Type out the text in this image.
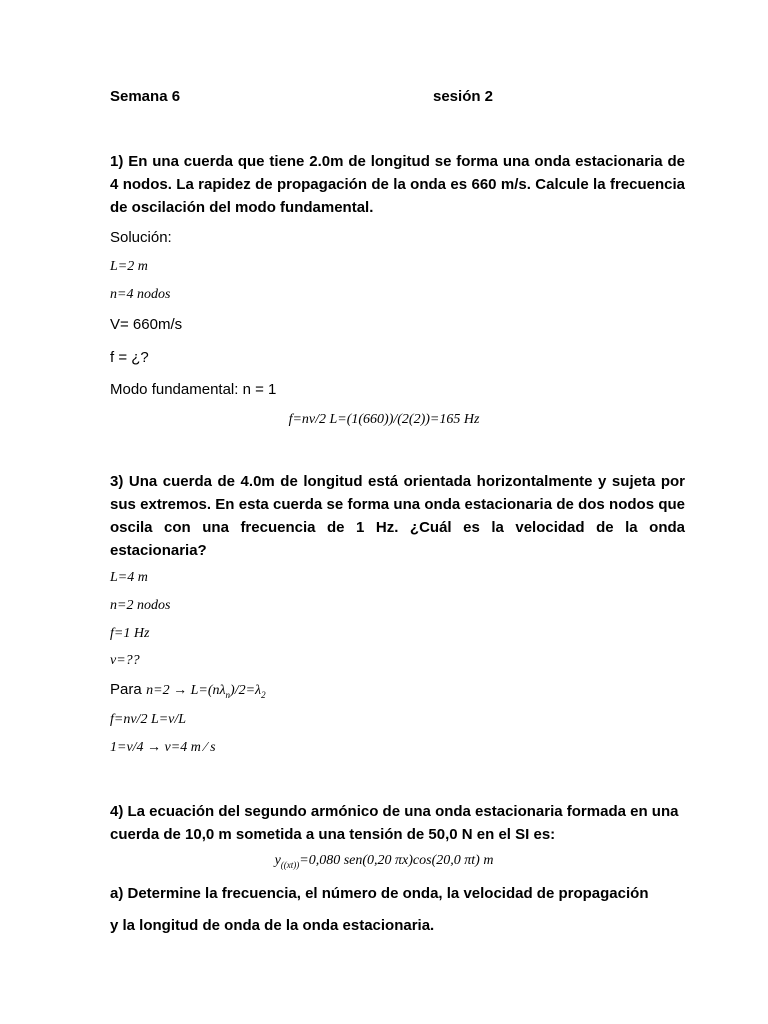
Semana 6	sesión 2
1) En una cuerda que tiene 2.0m de longitud se forma una onda estacionaria de 4 nodos. La rapidez de propagación de la onda es 660 m/s. Calcule la frecuencia de oscilación del modo fundamental.
Solución:
L=2 m
n=4 nodos
V= 660m/s
f = ¿?
Modo fundamental: n = 1
f=nv/2 L=(1(660))/(2(2))=165 Hz
3) Una cuerda de 4.0m de longitud está orientada horizontalmente y sujeta por sus extremos. En esta cuerda se forma una onda estacionaria de dos nodos que oscila con una frecuencia de 1 Hz. ¿Cuál es la velocidad de la onda estacionaria?
L=4 m
n=2 nodos
f=1 Hz
v=??
Para $n=2 \to L=(n\lambda_n)/2=\lambda_2$
f=nv/2 L=v/L
1=v/4 → v=4 m ⁄ s
4) La ecuación del segundo armónico de una onda estacionaria formada en una cuerda de 10,0 m sometida a una tensión de 50,0 N en el SI es:
$y_{((xt))}=0,080$ sen(0,20 πx)cos(20,0 πt) m
a) Determine la frecuencia, el número de onda, la velocidad de propagación
y la longitud de onda de la onda estacionaria.
